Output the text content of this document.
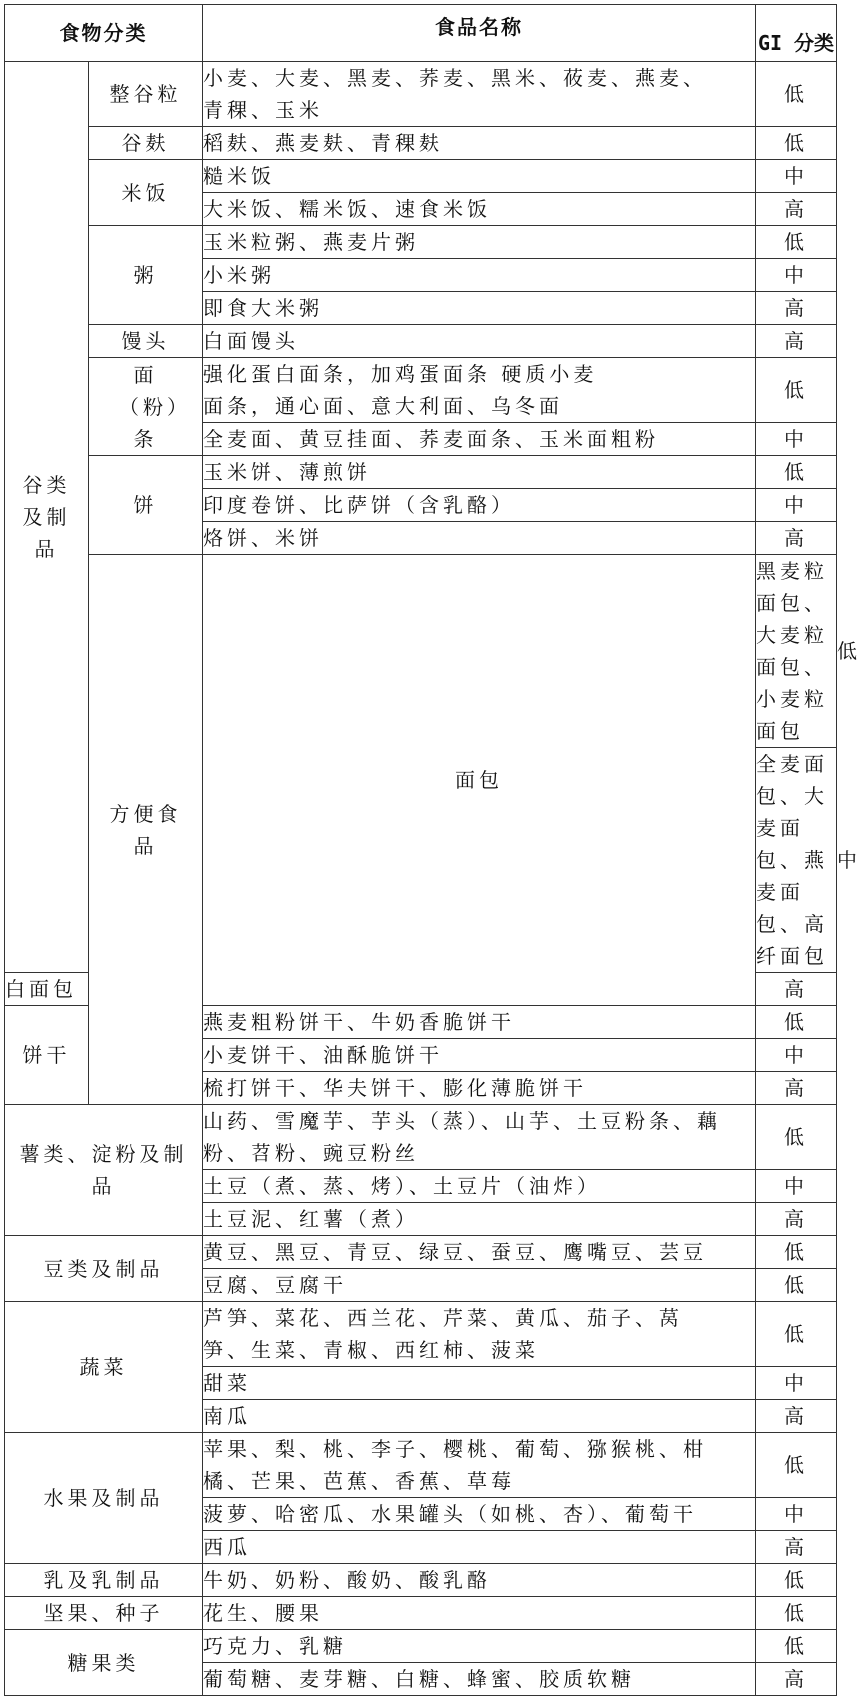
食物分类		食品名称	GI 分类	
谷类及制品	整谷粒	小麦、大麦、黑麦、荞麦、黑米、莜麦、燕麦、青稞、玉米	低	
	谷麸	稻麸、燕麦麸、青稞麸	低	
	米饭	糙米饭	中	
		大米饭、糯米饭、速食米饭	高	
	粥	玉米粒粥、燕麦片粥	低	
		小米粥	中	
		即食大米粥	高	
	馒头	白面馒头	高	
	面（粉）条	强化蛋白面条，加鸡蛋面条 硬质小麦面条，通心面、意大利面、乌冬面	低	
		全麦面、黄豆挂面、荞麦面条、玉米面粗粉	中	
	饼	玉米饼、薄煎饼	低	
		印度卷饼、比萨饼（含乳酪）	中	
		烙饼、米饼	高	
	方便食品	面包	黑麦粒面包、大麦粒面包、小麦粒面包	低
			全麦面包、大麦面包、燕麦面包、高纤面包	中
白面包			高	
饼干		燕麦粗粉饼干、牛奶香脆饼干	低	
		小麦饼干、油酥脆饼干	中	
		梳打饼干、华夫饼干、膨化薄脆饼干	高	
薯类、淀粉及制品		山药、雪魔芋、芋头（蒸）、山芋、土豆粉条、藕粉、苕粉、豌豆粉丝	低	
		土豆（煮、蒸、烤）、土豆片（油炸）	中	
		土豆泥、红薯（煮）	高	
豆类及制品		黄豆、黑豆、青豆、绿豆、蚕豆、鹰嘴豆、芸豆	低	
		豆腐、豆腐干	低	
蔬菜		芦笋、菜花、西兰花、芹菜、黄瓜、茄子、莴笋、生菜、青椒、西红柿、菠菜	低	
		甜菜	中	
		南瓜	高	
水果及制品		苹果、梨、桃、李子、樱桃、葡萄、猕猴桃、柑橘、芒果、芭蕉、香蕉、草莓	低	
		菠萝、哈密瓜、水果罐头（如桃、杏）、葡萄干	中	
		西瓜	高	
乳及乳制品		牛奶、奶粉、酸奶、酸乳酪	低	
坚果、种子		花生、腰果	低	
糖果类		巧克力、乳糖	低	
		葡萄糖、麦芽糖、白糖、蜂蜜、胶质软糖	高	
